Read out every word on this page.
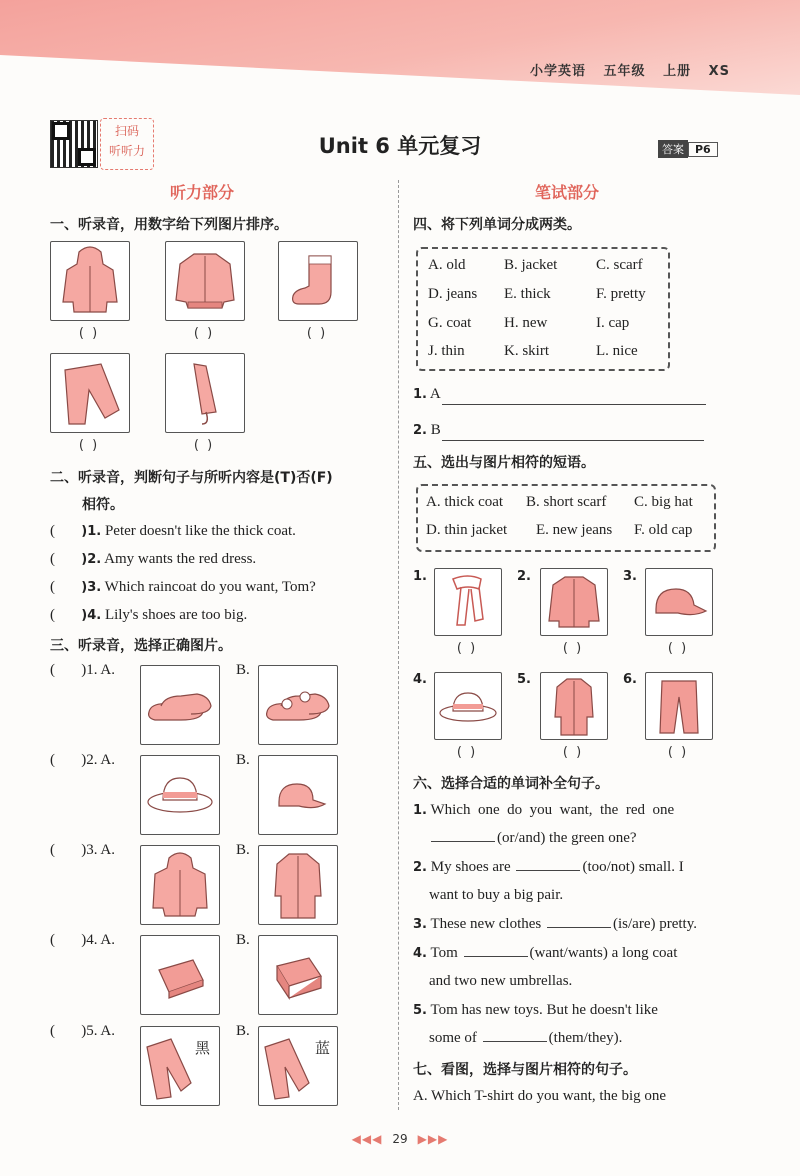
小学英语 五年级 上册 XS
扫码
听听力	Unit 6 单元复习	答案 P6
听力部分
一、听录音，用数字给下列图片排序。
( )	( )	( )
( )	( )
二、听录音，判断句子与所听内容是(T)否(F)
相符。
(       )1. Peter doesn't like the thick coat.
(       )2. Amy wants the red dress.
(       )3. Which raincoat do you want, Tom?
(       )4. Lily's shoes are too big.
三、听录音，选择正确图片。
(       )1. A.	B.
(       )2. A.	B.
(       )3. A.	B.
(       )4. A.	B.
(       )5. A.
黑
B.
蓝
笔试部分
四、将下列单词分成两类。
A. old	B. jacket	C. scarf
D. jeans	E. thick	F. pretty
G. coat	H. new	I. cap
J. thin	K. skirt	L. nice
1. A
2. B
五、选出与图片相符的短语。
A. thick coat	B. short scarf	C. big hat
D. thin jacket	E. new jeans	F. old cap
1.	2.	3.
( )	( )	( )
4.	5.	6.
( )	( )	( )
六、选择合适的单词补全句子。
1. Which  one  do  you  want,  the  red  one
(or/and) the green one?
2. My shoes are	(too/not) small. I
want to buy a big pair.
3. These new clothes	(is/are) pretty.
4. Tom	(want/wants) a long coat
and two new umbrellas.
5. Tom has new toys. But he doesn't like
some of	(them/they).
七、看图，选择与图片相符的句子。
A. Which T-shirt do you want, the big one
◀◀◀ 29 ▶▶▶
